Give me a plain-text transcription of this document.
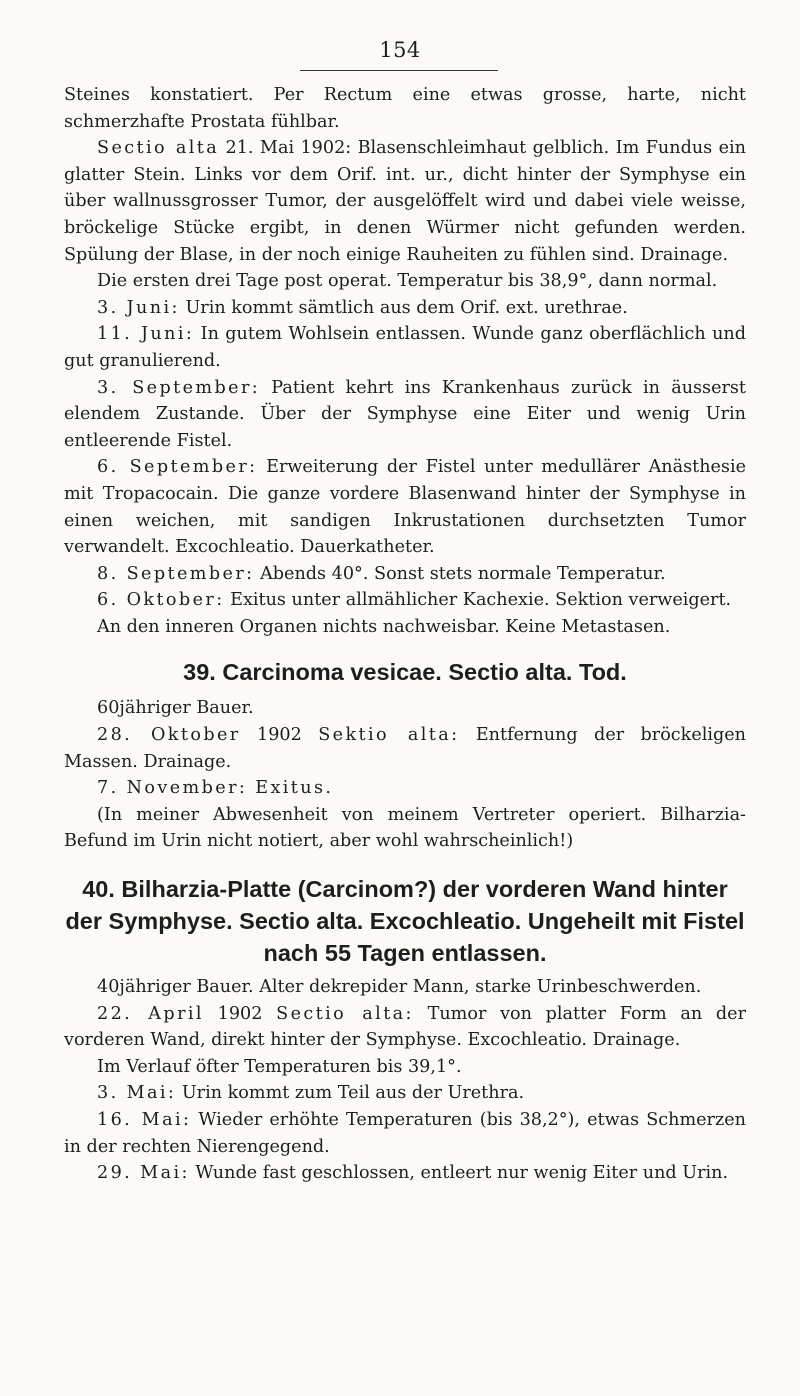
154

Steines konstatiert. Per Rectum eine etwas grosse, harte, nicht schmerzhafte Prostata fühlbar.

Sectio alta 21. Mai 1902: Blasenschleimhaut gelblich. Im Fundus ein glatter Stein. Links vor dem Orif. int. ur., dicht hinter der Symphyse ein über wallnussgrosser Tumor, der ausgelöffelt wird und dabei viele weisse, bröckelige Stücke ergibt, in denen Würmer nicht gefunden werden. Spülung der Blase, in der noch einige Rauheiten zu fühlen sind. Drainage.

Die ersten drei Tage post operat. Temperatur bis 38,9°, dann normal.

3. Juni: Urin kommt sämtlich aus dem Orif. ext. urethrae.

11. Juni: In gutem Wohlsein entlassen. Wunde ganz oberflächlich und gut granulierend.

3. September: Patient kehrt ins Krankenhaus zurück in äusserst elendem Zustande. Über der Symphyse eine Eiter und wenig Urin entleerende Fistel.

6. September: Erweiterung der Fistel unter medullärer Anästhesie mit Tropacocain. Die ganze vordere Blasenwand hinter der Symphyse in einen weichen, mit sandigen Inkrustationen durchsetzten Tumor verwandelt. Excochleatio. Dauerkatheter.

8. September: Abends 40°. Sonst stets normale Temperatur.

6. Oktober: Exitus unter allmählicher Kachexie. Sektion verweigert.

An den inneren Organen nichts nachweisbar. Keine Metastasen.

39. Carcinoma vesicae. Sectio alta. Tod.

60jähriger Bauer.

28. Oktober 1902 Sektio alta: Entfernung der bröckeligen Massen. Drainage.

7. November: Exitus.

(In meiner Abwesenheit von meinem Vertreter operiert. Bilharzia-Befund im Urin nicht notiert, aber wohl wahrscheinlich!)

40. Bilharzia-Platte (Carcinom?) der vorderen Wand hinter der Symphyse. Sectio alta. Excochleatio. Ungeheilt mit Fistel nach 55 Tagen entlassen.

40jähriger Bauer. Alter dekrepider Mann, starke Urinbeschwerden.

22. April 1902 Sectio alta: Tumor von platter Form an der vorderen Wand, direkt hinter der Symphyse. Excochleatio. Drainage.

Im Verlauf öfter Temperaturen bis 39,1°.

3. Mai: Urin kommt zum Teil aus der Urethra.

16. Mai: Wieder erhöhte Temperaturen (bis 38,2°), etwas Schmerzen in der rechten Nierengegend.

29. Mai: Wunde fast geschlossen, entleert nur wenig Eiter und Urin.
